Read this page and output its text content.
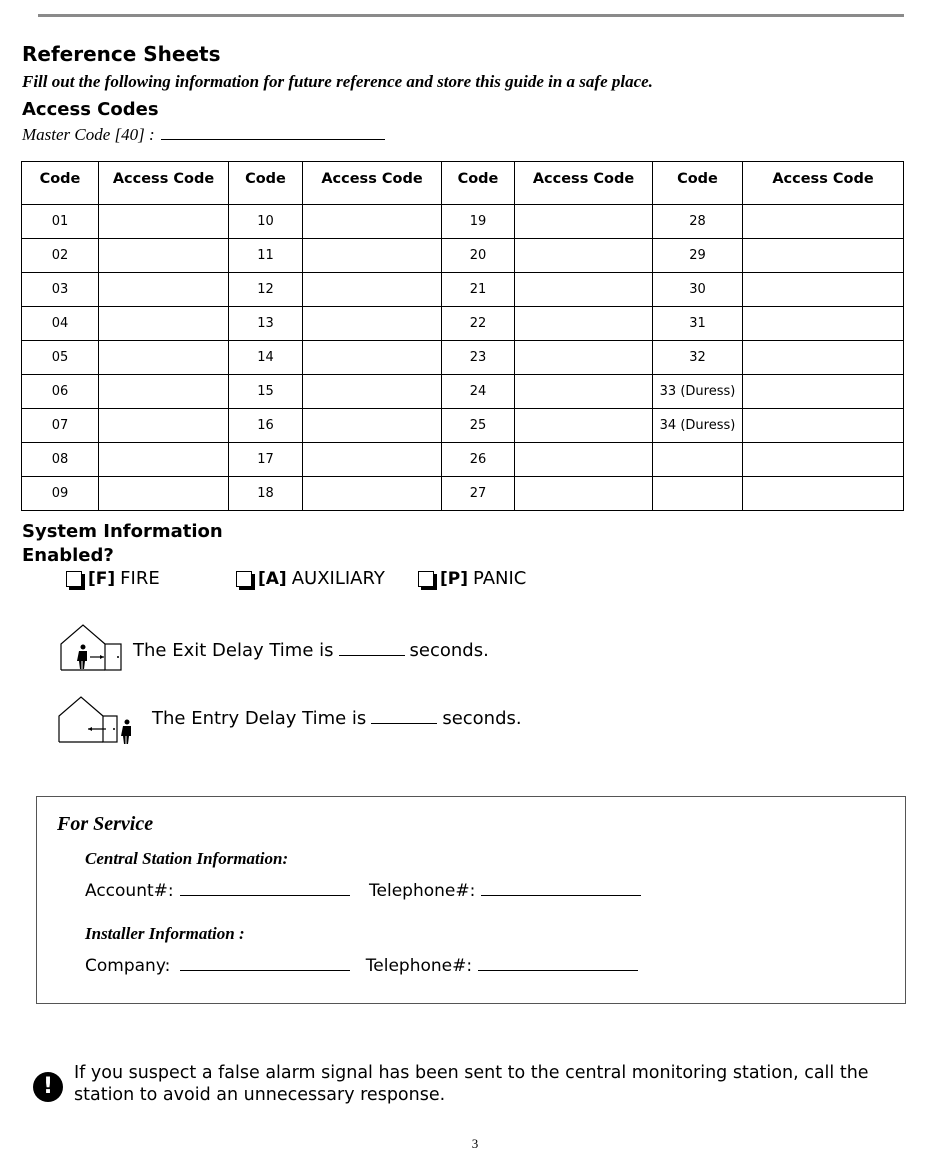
Reference Sheets
Fill out the following information for future reference and store this guide in a safe place.
Access Codes
Master Code [40] :
Code	Access Code	Code	Access Code	Code	Access Code	Code	Access Code
01		10		19		28	
02		11		20		29	
03		12		21		30	
04		13		22		31	
05		14		23		32	
06		15		24		33 (Duress)	
07		16		25		34 (Duress)	
08		17		26			
09		18		27			
System Information
Enabled?
[F] FIRE	[A] AUXILIARY	[P] PANIC
The Exit Delay Time is	seconds.
The Entry Delay Time is	seconds.
For Service
Central Station Information:
Account#:	Telephone#:
Installer Information :
Company:	Telephone#:
!
If you suspect a false alarm signal has been sent to the central monitoring station, call the station to avoid an unnecessary response.
3
